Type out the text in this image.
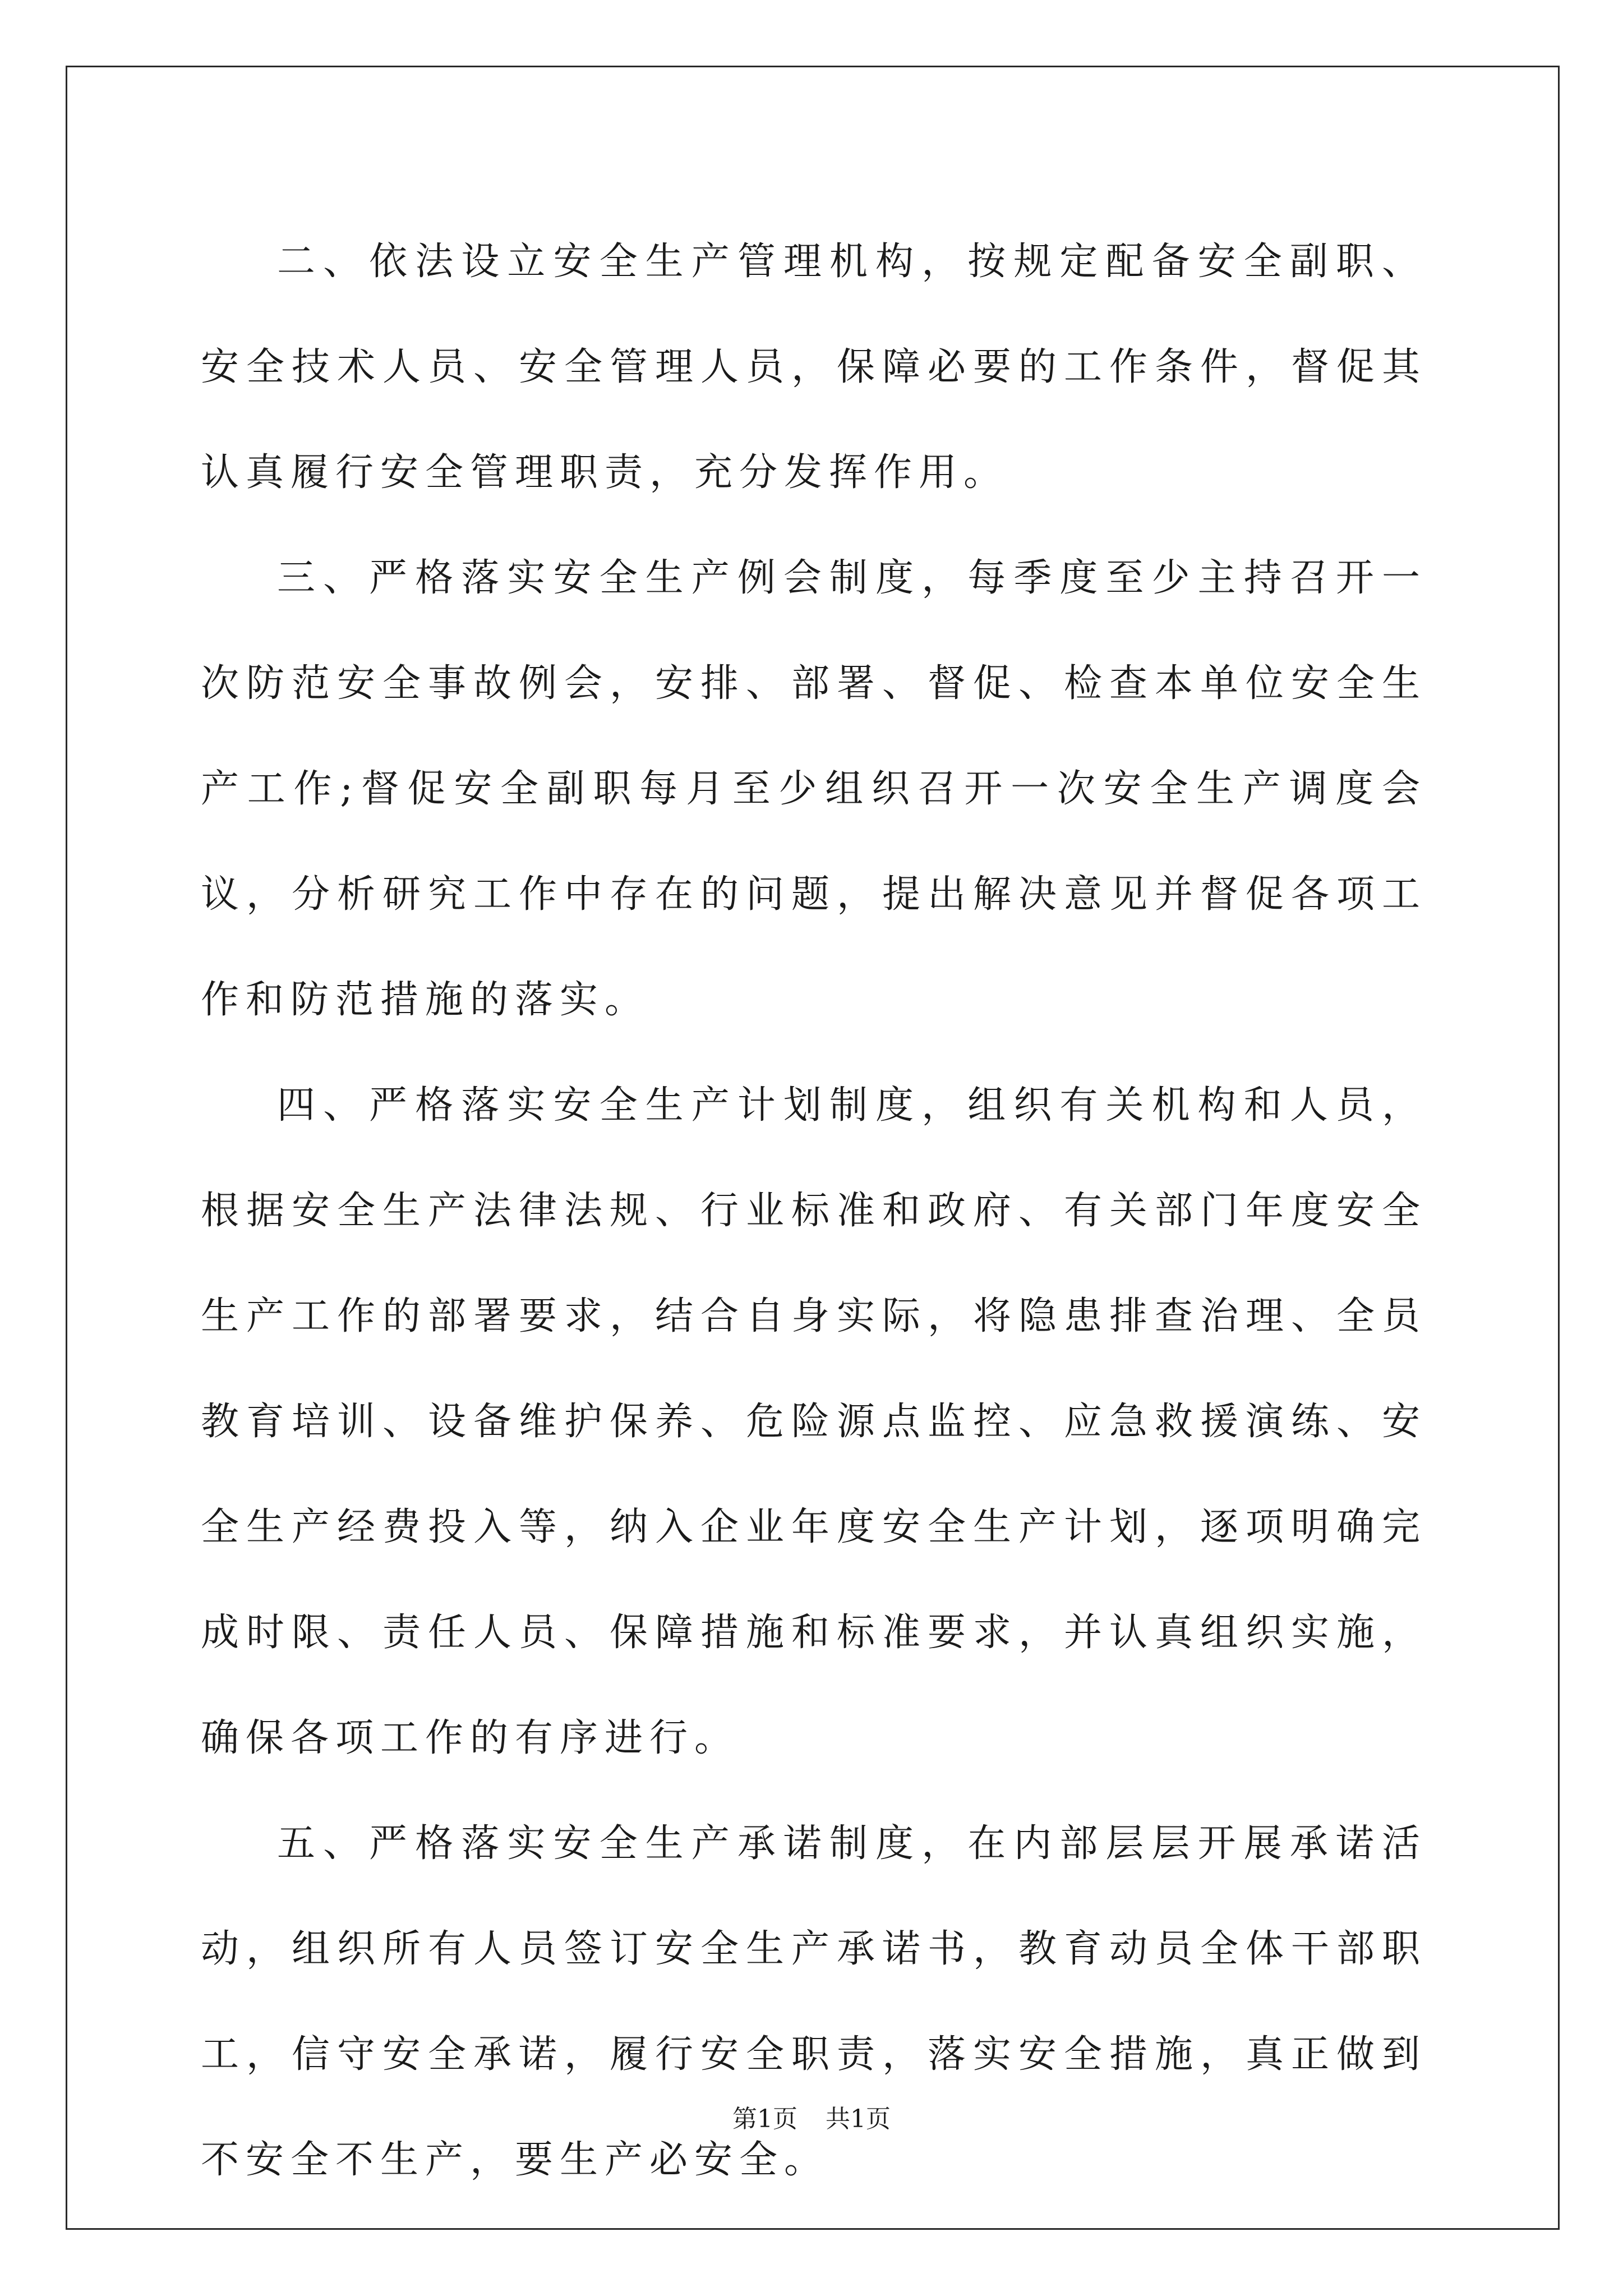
二、依法设立安全生产管理机构，按规定配备安全副职、安全技术人员、安全管理人员，保障必要的工作条件，督促其认真履行安全管理职责，充分发挥作用。

三、严格落实安全生产例会制度，每季度至少主持召开一次防范安全事故例会，安排、部署、督促、检查本单位安全生产工作;督促安全副职每月至少组织召开一次安全生产调度会议，分析研究工作中存在的问题，提出解决意见并督促各项工作和防范措施的落实。

四、严格落实安全生产计划制度，组织有关机构和人员，根据安全生产法律法规、行业标准和政府、有关部门年度安全生产工作的部署要求，结合自身实际，将隐患排查治理、全员教育培训、设备维护保养、危险源点监控、应急救援演练、安全生产经费投入等，纳入企业年度安全生产计划，逐项明确完成时限、责任人员、保障措施和标准要求，并认真组织实施，确保各项工作的有序进行。

五、严格落实安全生产承诺制度，在内部层层开展承诺活动，组织所有人员签订安全生产承诺书，教育动员全体干部职工，信守安全承诺，履行安全职责，落实安全措施，真正做到不安全不生产，要生产必安全。

第1页 共1页
